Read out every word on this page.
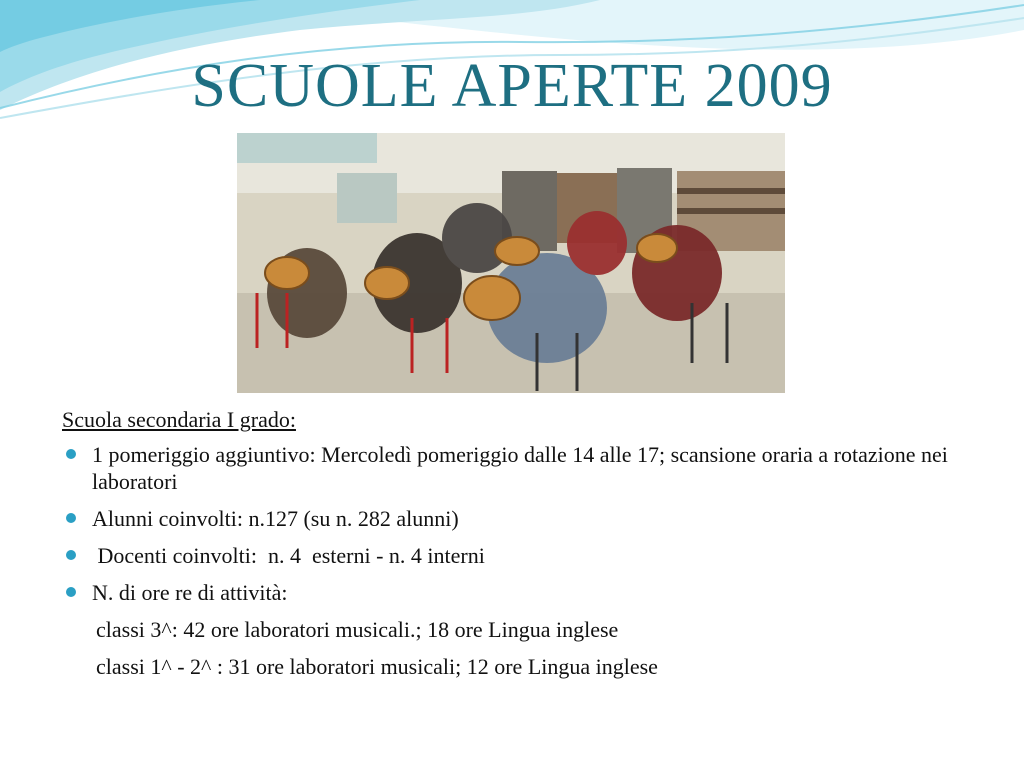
SCUOLE APERTE 2009
Scuola secondaria I grado:
1 pomeriggio aggiuntivo: Mercoledì pomeriggio dalle 14 alle 17; scansione oraria a rotazione nei laboratori
Alunni coinvolti: n.127 (su n. 282 alunni)
Docenti coinvolti:  n. 4  esterni - n. 4 interni
N. di ore re di attività:
classi 3^: 42 ore laboratori musicali.; 18 ore Lingua inglese
classi 1^ - 2^ : 31 ore laboratori musicali; 12 ore Lingua inglese
